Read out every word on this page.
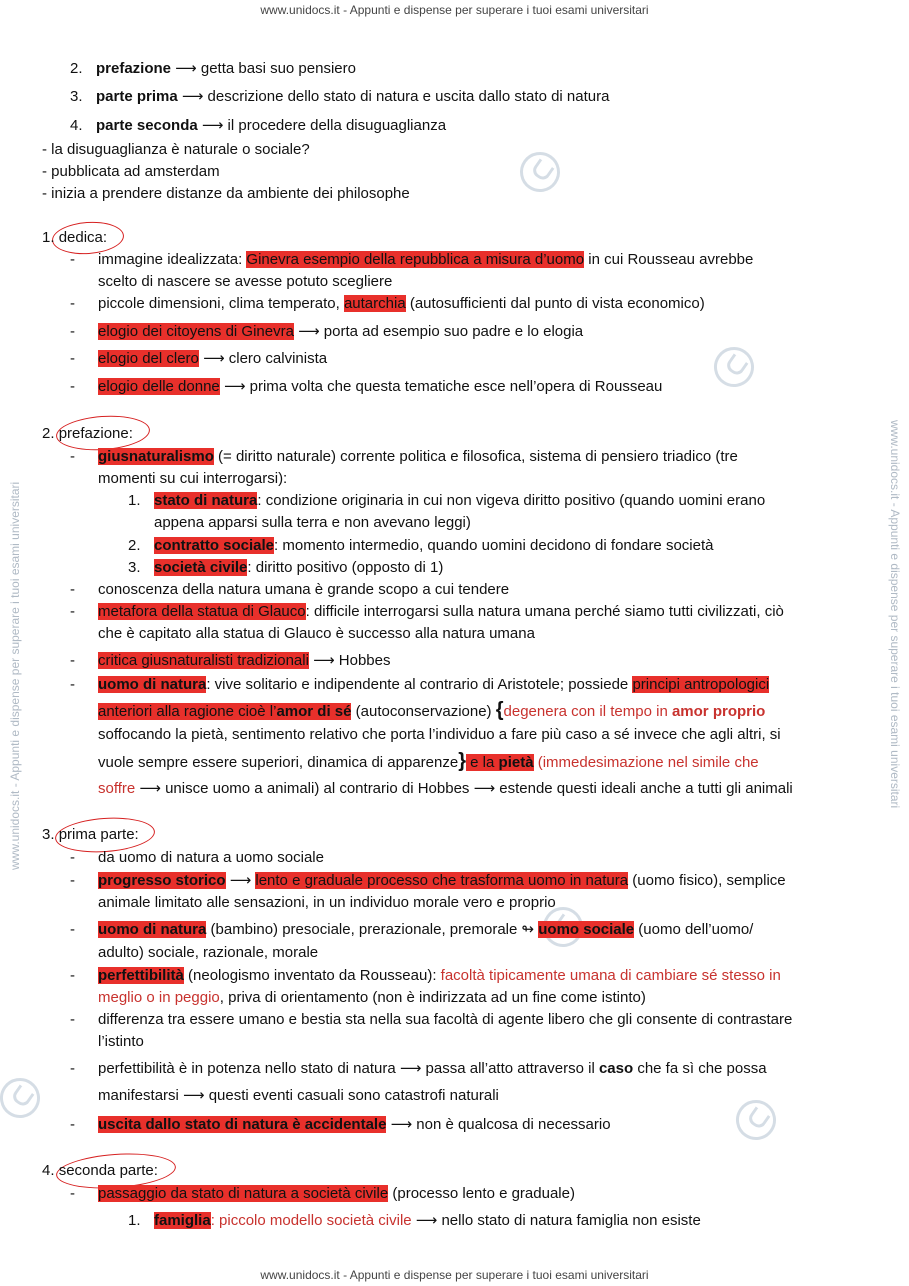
www.unidocs.it - Appunti e dispense per superare i tuoi esami universitari
www.unidocs.it - Appunti e dispense per superare i tuoi esami universitari
www.unidocs.it - Appunti e dispense per superare i tuoi esami universitari	www.unidocs.it - Appunti e dispense per superare i tuoi esami universitari
2. prefazione ⟶ getta basi suo pensiero
3. parte prima ⟶ descrizione dello stato di natura e uscita dallo stato di natura
4. parte seconda ⟶ il procedere della disuguaglianza
- la disuguaglianza è naturale o sociale?
- pubblicata ad amsterdam
- inizia a prendere distanze da ambiente dei philosophe
1. dedica:
- immagine idealizzata: Ginevra esempio della repubblica a misura d’uomo in cui Rousseau avrebbe
scelto di nascere se avesse potuto scegliere
- piccole dimensioni, clima temperato, autarchia (autosufficienti dal punto di vista economico)
- elogio dei citoyens di Ginevra ⟶ porta ad esempio suo padre e lo elogia
- elogio del clero ⟶ clero calvinista
- elogio delle donne ⟶ prima volta che questa tematiche esce nell’opera di Rousseau
2. prefazione:
- giusnaturalismo (= diritto naturale) corrente politica e filosofica, sistema di pensiero triadico (tre
momenti su cui interrogarsi):
1. stato di natura: condizione originaria in cui non vigeva diritto positivo (quando uomini erano
appena apparsi sulla terra e non avevano leggi)
2. contratto sociale: momento intermedio, quando uomini decidono di fondare società
3. società civile: diritto positivo (opposto di 1)
- conoscenza della natura umana è grande scopo a cui tendere
- metafora della statua di Glauco: difficile interrogarsi sulla natura umana perché siamo tutti civilizzati, ciò
che è capitato alla statua di Glauco è successo alla natura umana
- critica giusnaturalisti tradizionali ⟶ Hobbes
- uomo di natura: vive solitario e indipendente al contrario di Aristotele; possiede principi antropologici
anteriori alla ragione cioè l’amor di sé (autoconservazione) {degenera con il tempo in amor proprio
soffocando la pietà, sentimento relativo che porta l’individuo a fare più caso a sé invece che agli altri, si
vuole sempre essere superiori, dinamica di apparenze} e la pietà (immedesimazione nel simile che
soffre ⟶ unisce uomo a animali) al contrario di Hobbes ⟶ estende questi ideali anche a tutti gli animali
3. prima parte:
- da uomo di natura a uomo sociale
- progresso storico ⟶ lento e graduale processo che trasforma uomo in natura (uomo fisico), semplice
animale limitato alle sensazioni, in un individuo morale vero e proprio
- uomo di natura (bambino) presociale, prerazionale, premorale ↬ uomo sociale (uomo dell’uomo/
adulto) sociale, razionale, morale
- perfettibilità (neologismo inventato da Rousseau): facoltà tipicamente umana di cambiare sé stesso in
meglio o in peggio, priva di orientamento (non è indirizzata ad un fine come istinto)
- differenza tra essere umano e bestia sta nella sua facoltà di agente libero che gli consente di contrastare
l’istinto
- perfettibilità è in potenza nello stato di natura ⟶ passa all’atto attraverso il caso che fa sì che possa
manifestarsi ⟶ questi eventi casuali sono catastrofi naturali
- uscita dallo stato di natura è accidentale ⟶ non è qualcosa di necessario
4. seconda parte:
- passaggio da stato di natura a società civile (processo lento e graduale)
1. famiglia: piccolo modello società civile ⟶ nello stato di natura famiglia non esiste
